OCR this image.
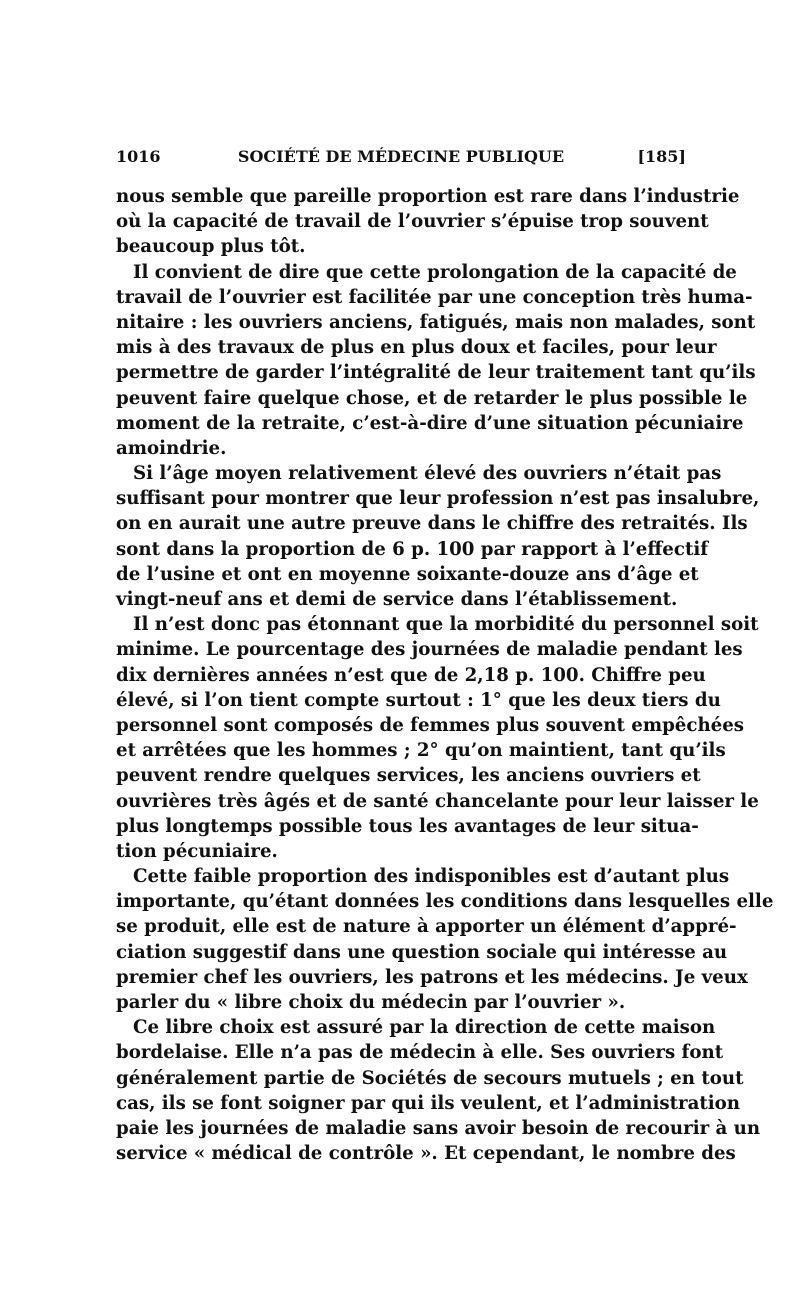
1016	SOCIÉTÉ DE MÉDECINE PUBLIQUE	[185]
nous semble que pareille proportion est rare dans l’industrie
où la capacité de travail de l’ouvrier s’épuise trop souvent
beaucoup plus tôt.
Il convient de dire que cette prolongation de la capacité de
travail de l’ouvrier est facilitée par une conception très huma-
nitaire : les ouvriers anciens, fatigués, mais non malades, sont
mis à des travaux de plus en plus doux et faciles, pour leur
permettre de garder l’intégralité de leur traitement tant qu’ils
peuvent faire quelque chose, et de retarder le plus possible le
moment de la retraite, c’est-à-dire d’une situation pécuniaire
amoindrie.
Si l’âge moyen relativement élevé des ouvriers n’était pas
suffisant pour montrer que leur profession n’est pas insalubre,
on en aurait une autre preuve dans le chiffre des retraités. Ils
sont dans la proportion de 6 p. 100 par rapport à l’effectif
de l’usine et ont en moyenne soixante-douze ans d’âge et
vingt-neuf ans et demi de service dans l’établissement.
Il n’est donc pas étonnant que la morbidité du personnel soit
minime. Le pourcentage des journées de maladie pendant les
dix dernières années n’est que de 2,18 p. 100. Chiffre peu
élevé, si l’on tient compte surtout : 1° que les deux tiers du
personnel sont composés de femmes plus souvent empêchées
et arrêtées que les hommes ; 2° qu’on maintient, tant qu’ils
peuvent rendre quelques services, les anciens ouvriers et
ouvrières très âgés et de santé chancelante pour leur laisser le
plus longtemps possible tous les avantages de leur situa-
tion pécuniaire.
Cette faible proportion des indisponibles est d’autant plus
importante, qu’étant données les conditions dans lesquelles elle
se produit, elle est de nature à apporter un élément d’appré-
ciation suggestif dans une question sociale qui intéresse au
premier chef les ouvriers, les patrons et les médecins. Je veux
parler du « libre choix du médecin par l’ouvrier ».
Ce libre choix est assuré par la direction de cette maison
bordelaise. Elle n’a pas de médecin à elle. Ses ouvriers font
généralement partie de Sociétés de secours mutuels ; en tout
cas, ils se font soigner par qui ils veulent, et l’administration
paie les journées de maladie sans avoir besoin de recourir à un
service « médical de contrôle ». Et cependant, le nombre des
